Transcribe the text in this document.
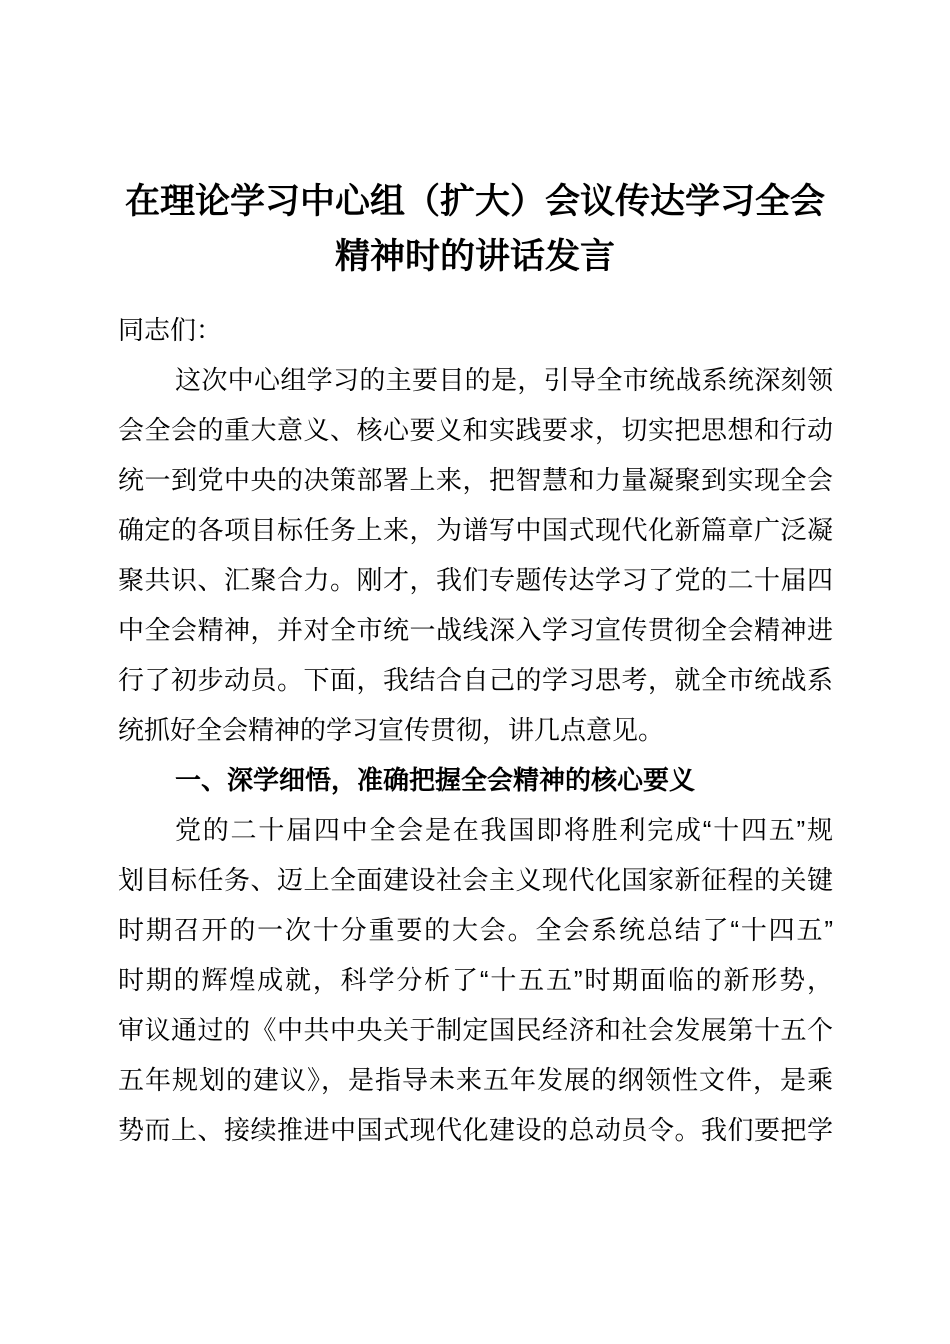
在理论学习中心组（扩大）会议传达学习全会
精神时的讲话发言
同志们：
这次中心组学习的主要目的是，引导全市统战系统深刻领
会全会的重大意义、核心要义和实践要求，切实把思想和行动
统一到党中央的决策部署上来，把智慧和力量凝聚到实现全会
确定的各项目标任务上来，为谱写中国式现代化新篇章广泛凝
聚共识、汇聚合力。刚才，我们专题传达学习了党的二十届四
中全会精神，并对全市统一战线深入学习宣传贯彻全会精神进
行了初步动员。下面，我结合自己的学习思考，就全市统战系
统抓好全会精神的学习宣传贯彻，讲几点意见。
一、深学细悟，准确把握全会精神的核心要义
党的二十届四中全会是在我国即将胜利完成“十四五”规
划目标任务、迈上全面建设社会主义现代化国家新征程的关键
时期召开的一次十分重要的大会。全会系统总结了“十四五”
时期的辉煌成就，科学分析了“十五五”时期面临的新形势，
审议通过的《中共中央关于制定国民经济和社会发展第十五个
五年规划的建议》，是指导未来五年发展的纲领性文件，是乘
势而上、接续推进中国式现代化建设的总动员令。我们要把学
